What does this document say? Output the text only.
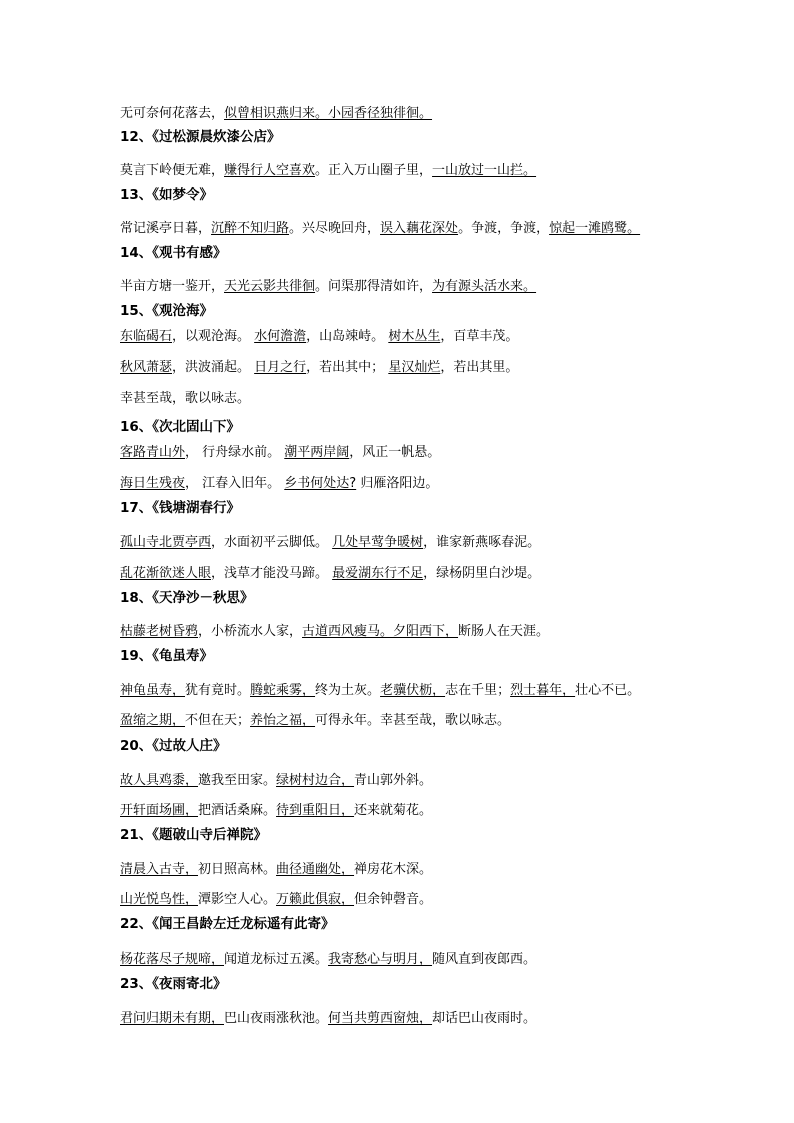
无可奈何花落去，似曾相识燕归来。小园香径独徘徊。
12、《过松源晨炊漆公店》
莫言下岭便无难，赚得行人空喜欢。正入万山圈子里，一山放过一山拦。
13、《如梦令》
常记溪亭日暮，沉醉不知归路。兴尽晚回舟，误入藕花深处。争渡，争渡，惊起一滩鸥鹭。
14、《观书有感》
半亩方塘一鉴开，天光云影共徘徊。问渠那得清如许，为有源头活水来。
15、《观沧海》
东临碣石，以观沧海。 水何澹澹，山岛竦峙。 树木丛生，百草丰茂。
秋风萧瑟，洪波涌起。 日月之行，若出其中； 星汉灿烂，若出其里。
幸甚至哉，歌以咏志。
16、《次北固山下》
客路青山外， 行舟绿水前。 潮平两岸阔，风正一帆悬。
海日生残夜， 江春入旧年。 乡书何处达? 归雁洛阳边。
17、《钱塘湖春行》
孤山寺北贾亭西，水面初平云脚低。 几处早莺争暖树，谁家新燕啄春泥。
乱花渐欲迷人眼，浅草才能没马蹄。 最爱湖东行不足，绿杨阴里白沙堤。
18、《天净沙－秋思》
枯藤老树昏鸦，小桥流水人家，古道西风瘦马。夕阳西下，断肠人在天涯。
19、《龟虽寿》
神龟虽寿，犹有竟时。腾蛇乘雾，终为土灰。老骥伏枥，志在千里；烈士暮年，壮心不已。
盈缩之期，不但在天；养怡之福，可得永年。幸甚至哉，歌以咏志。
20、《过故人庄》
故人具鸡黍，邀我至田家。绿树村边合，青山郭外斜。
开轩面场圃，把酒话桑麻。待到重阳日，还来就菊花。
21、《题破山寺后禅院》
清晨入古寺，初日照高林。曲径通幽处，禅房花木深。
山光悦鸟性，潭影空人心。万籁此俱寂，但余钟磬音。
22、《闻王昌龄左迁龙标遥有此寄》
杨花落尽子规啼，闻道龙标过五溪。我寄愁心与明月，随风直到夜郎西。
23、《夜雨寄北》
君问归期未有期，巴山夜雨涨秋池。何当共剪西窗烛，却话巴山夜雨时。
